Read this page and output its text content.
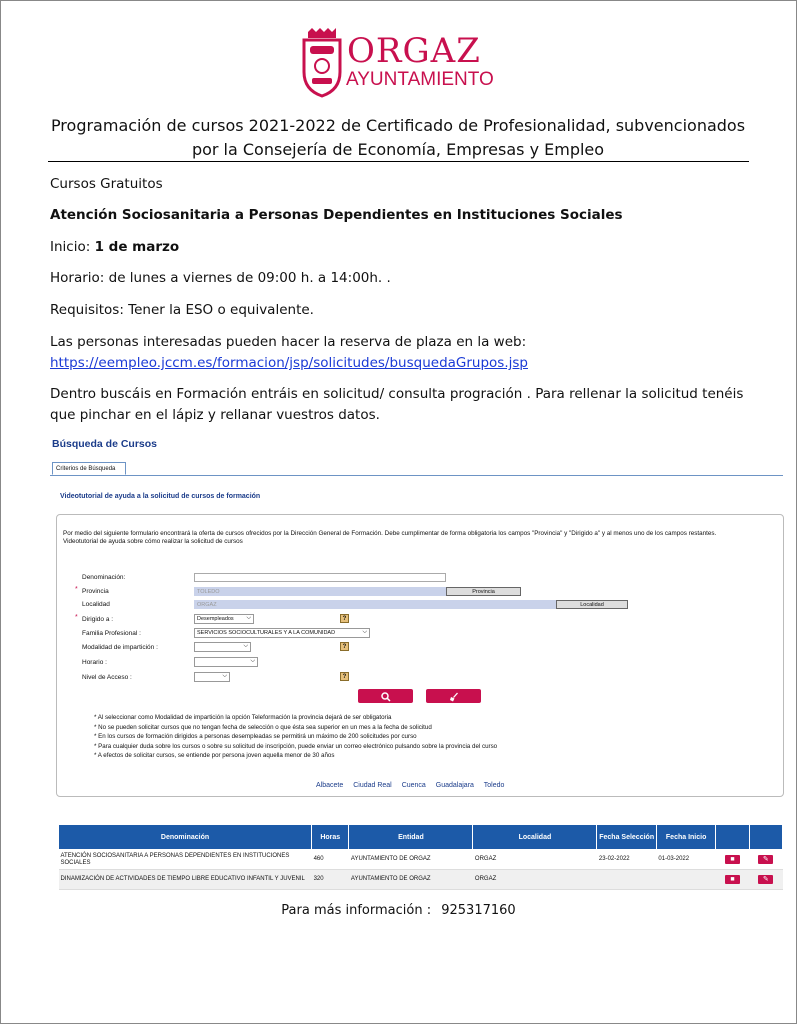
ORGAZ
AYUNTAMIENTO
Programación de cursos 2021-2022 de Certificado de Profesionalidad, subvencionados por la Consejería de Economía, Empresas y Empleo
Cursos Gratuitos
Atención Sociosanitaria a Personas Dependientes en Instituciones Sociales
Inicio: 1 de marzo
Horario: de lunes a viernes de 09:00 h. a 14:00h. .
Requisitos: Tener la ESO o equivalente.
Las personas interesadas pueden hacer la reserva de plaza en la web:
https://eempleo.jccm.es/formacion/jsp/solicitudes/busquedaGrupos.jsp
Dentro buscáis en Formación entráis en solicitud/ consulta progración . Para rellenar la solicitud tenéis que pinchar en el lápiz y rellanar vuestros datos.
Búsqueda de Cursos
Criterios de Búsqueda
Videotutorial de ayuda a la solicitud de cursos de formación
Por medio del siguiente formulario encontrará la oferta de cursos ofrecidos por la Dirección General de Formación. Debe cumplimentar de forma obligatoria los campos "Provincia" y "Dirigido a" y al menos uno de los campos restantes.
Videotutorial de ayuda sobre cómo realizar la solicitud de cursos
Denominación:
* Provincia	TOLEDO	Provincia
Localidad	ORGAZ	Localidad
* Dirigido a :	Desempleados ⌵	?
Familia Profesional :	SERVICIOS SOCIOCULTURALES Y A LA COMUNIDAD ⌵
Modalidad de impartición : ⌵	?
Horario :
⌵
Nivel de Acceso : ⌵	?
* Al seleccionar como Modalidad de impartición la opción Teleformación la provincia dejará de ser obligatoria
* No se pueden solicitar cursos que no tengan fecha de selección o que ésta sea superior en un mes a la fecha de solicitud
* En los cursos de formación dirigidos a personas desempleadas se permitirá un máximo de 200 solicitudes por curso
* Para cualquier duda sobre los cursos o sobre su solicitud de inscripción, puede enviar un correo electrónico pulsando sobre la provincia del curso
* A efectos de solicitar cursos, se entiende por persona joven aquella menor de 30 años
Albacete Ciudad Real Cuenca Guadalajara Toledo
Denominación	Horas	Entidad	Localidad	Fecha Selección	Fecha Inicio		
ATENCIÓN SOCIOSANITARIA A PERSONAS DEPENDIENTES EN INSTITUCIONES SOCIALES	460	AYUNTAMIENTO DE ORGAZ	ORGAZ	23-02-2022	01-03-2022	■	✎
DINAMIZACIÓN DE ACTIVIDADES DE TIEMPO LIBRE EDUCATIVO INFANTIL Y JUVENIL	320	AYUNTAMIENTO DE ORGAZ	ORGAZ			■	✎
Para más información : 925317160
